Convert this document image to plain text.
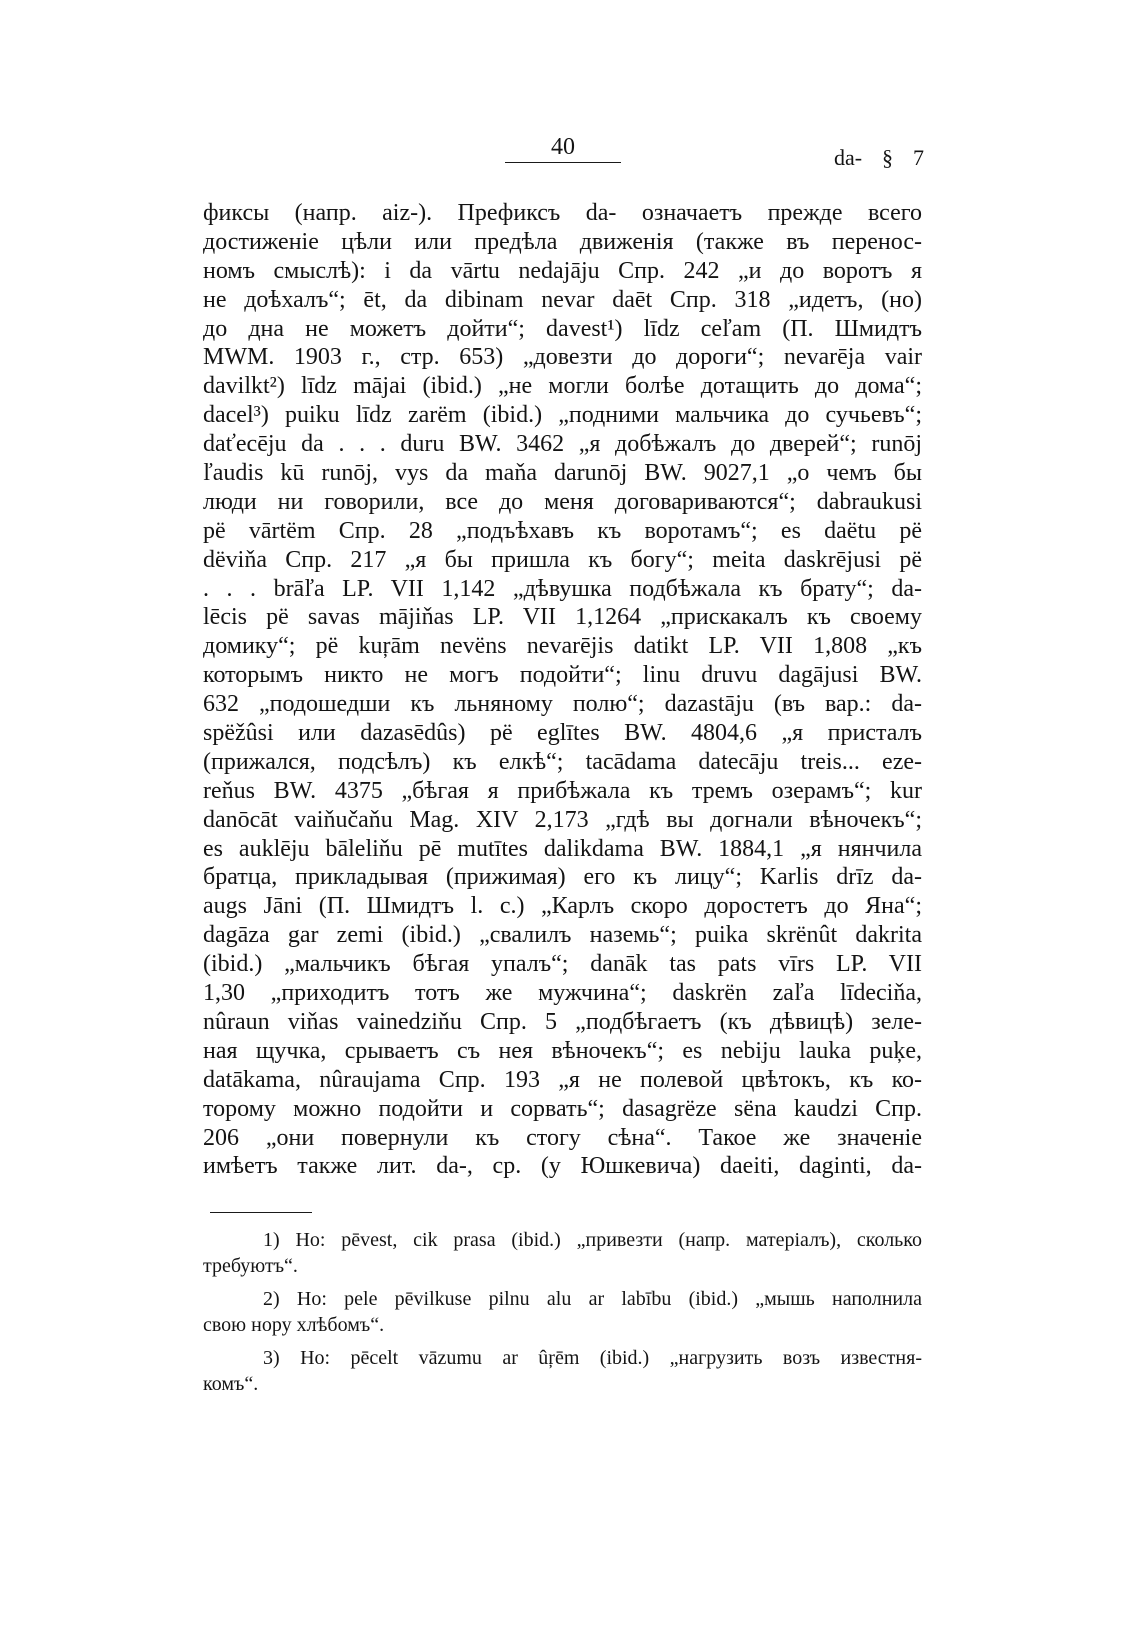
40	da- § 7
фиксы (напр. aiz-). Префиксъ da- означаетъ прежде всего
достиженіе цѣли или предѣла движенія (также въ перенос-
номъ смыслѣ): i da vārtu nedajāju Спр. 242 „и до воротъ я
не доѣхалъ“; ēt, da dibinam nevar daēt Спр. 318 „идетъ, (но)
до дна не можетъ дойти“; davest¹) līdz ceľam (П. Шмидтъ
MWM. 1903 г., стр. 653) „довезти до дороги“; nevarēja vair
davilkt²) līdz mājai (ibid.) „не могли болѣе дотащить до дома“;
dacel³) puiku līdz zarëm (ibid.) „подними мальчика до сучьевъ“;
daťecēju da . . . duru BW. 3462 „я добѣжалъ до дверей“; runōj
ľaudis kū runōj, vys da maňa darunōj BW. 9027,1 „о чемъ бы
люди ни говорили, все до меня договариваются“; dabraukusi
pë vārtëm Спр. 28 „подъѣхавъ къ воротамъ“; es daëtu pë
dëviňa Спр. 217 „я бы пришла къ богу“; meita daskrējusi pë
. . . brāľa LP. VII 1,142 „дѣвушка подбѣжала къ брату“; da-
lēcis pë savas mājiňas LP. VII 1,1264 „прискакалъ къ своему
домику“; pë kuŗām nevëns nevarējis datikt LP. VII 1,808 „къ
которымъ никто не могъ подойти“; linu druvu dagājusi BW.
632 „подошедши къ льняному полю“; dazastāju (въ вар.: da-
spëžûsi или dazasēdûs) pë eglītes BW. 4804,6 „я присталъ
(прижался, подсѣлъ) къ елкѣ“; tacādama datecāju treis... eze-
reňus BW. 4375 „бѣгая я прибѣжала къ тремъ озерамъ“; kur
danōcāt vaiňučaňu Mag. XIV 2,173 „гдѣ вы догнали вѣночекъ“;
es auklēju bāleliňu pē mutītes dalikdama BW. 1884,1 „я нянчила
братца, прикладывая (прижимая) его къ лицу“; Karlis drīz da-
augs Jāni (П. Шмидтъ l. c.) „Карлъ скоро доростетъ до Яна“;
dagāza gar zemi (ibid.) „свалилъ наземь“; puika skrënût dakrita
(ibid.) „мальчикъ бѣгая упалъ“; danāk tas pats vīrs LP. VII
1,30 „приходитъ тотъ же мужчина“; daskrën zaľa līdeciňa,
nûraun viňas vainedziňu Спр. 5 „подбѣгаетъ (къ дѣвицѣ) зеле-
ная щучка, срываетъ съ нея вѣночекъ“; es nebiju lauka puķe,
datākama, nûraujama Спр. 193 „я не полевой цвѣтокъ, къ ко-
торому можно подойти и сорвать“; dasagrëze sëna kaudzi Спр.
206 „они повернули къ стогу сѣна“. Такое же значеніе
имѣетъ также лит. da-, ср. (у Юшкевича) daeiti, daginti, da-
1) Ho: pēvest, cik prasa (ibid.) „привезти (напр. матеріалъ), сколько
требуютъ“.
2) Ho: pele pēvilkuse pilnu alu ar labību (ibid.) „мышь наполнила
свою нору хлѣбомъ“.
3) Ho: pēcelt vāzumu ar ûŗēm (ibid.) „нагрузить возъ известня-
комъ“.
